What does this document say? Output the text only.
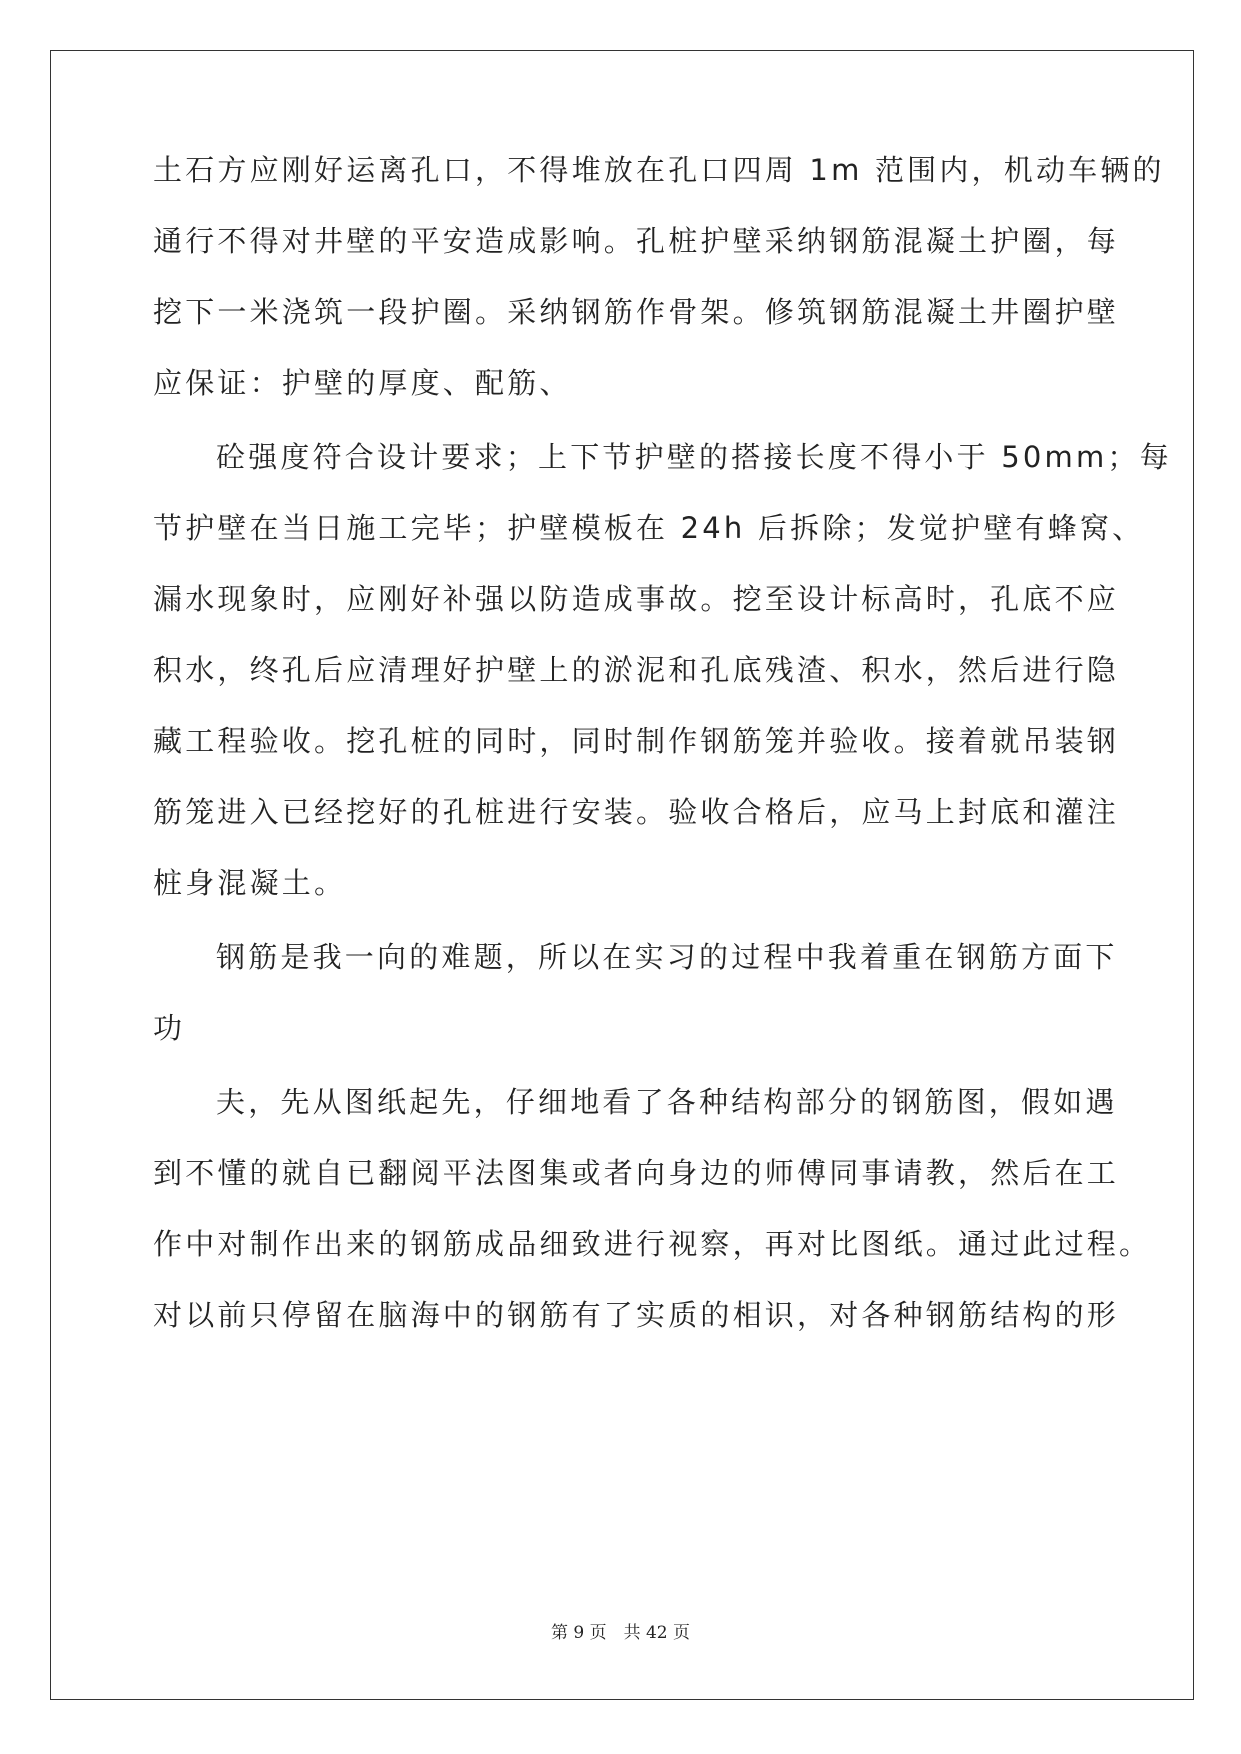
土石方应刚好运离孔口，不得堆放在孔口四周 1m 范围内，机动车辆的
通行不得对井壁的平安造成影响。孔桩护壁采纳钢筋混凝土护圈，每
挖下一米浇筑一段护圈。采纳钢筋作骨架。修筑钢筋混凝土井圈护壁
应保证：护壁的厚度、配筋、
砼强度符合设计要求；上下节护壁的搭接长度不得小于 50mm；每
节护壁在当日施工完毕；护壁模板在 24h 后拆除；发觉护壁有蜂窝、
漏水现象时，应刚好补强以防造成事故。挖至设计标高时，孔底不应
积水，终孔后应清理好护壁上的淤泥和孔底残渣、积水，然后进行隐
藏工程验收。挖孔桩的同时，同时制作钢筋笼并验收。接着就吊装钢
筋笼进入已经挖好的孔桩进行安装。验收合格后，应马上封底和灌注
桩身混凝土。
钢筋是我一向的难题，所以在实习的过程中我着重在钢筋方面下
功
夫，先从图纸起先，仔细地看了各种结构部分的钢筋图，假如遇
到不懂的就自已翻阅平法图集或者向身边的师傅同事请教，然后在工
作中对制作出来的钢筋成品细致进行视察，再对比图纸。通过此过程。
对以前只停留在脑海中的钢筋有了实质的相识，对各种钢筋结构的形
第 9 页　共 42 页
